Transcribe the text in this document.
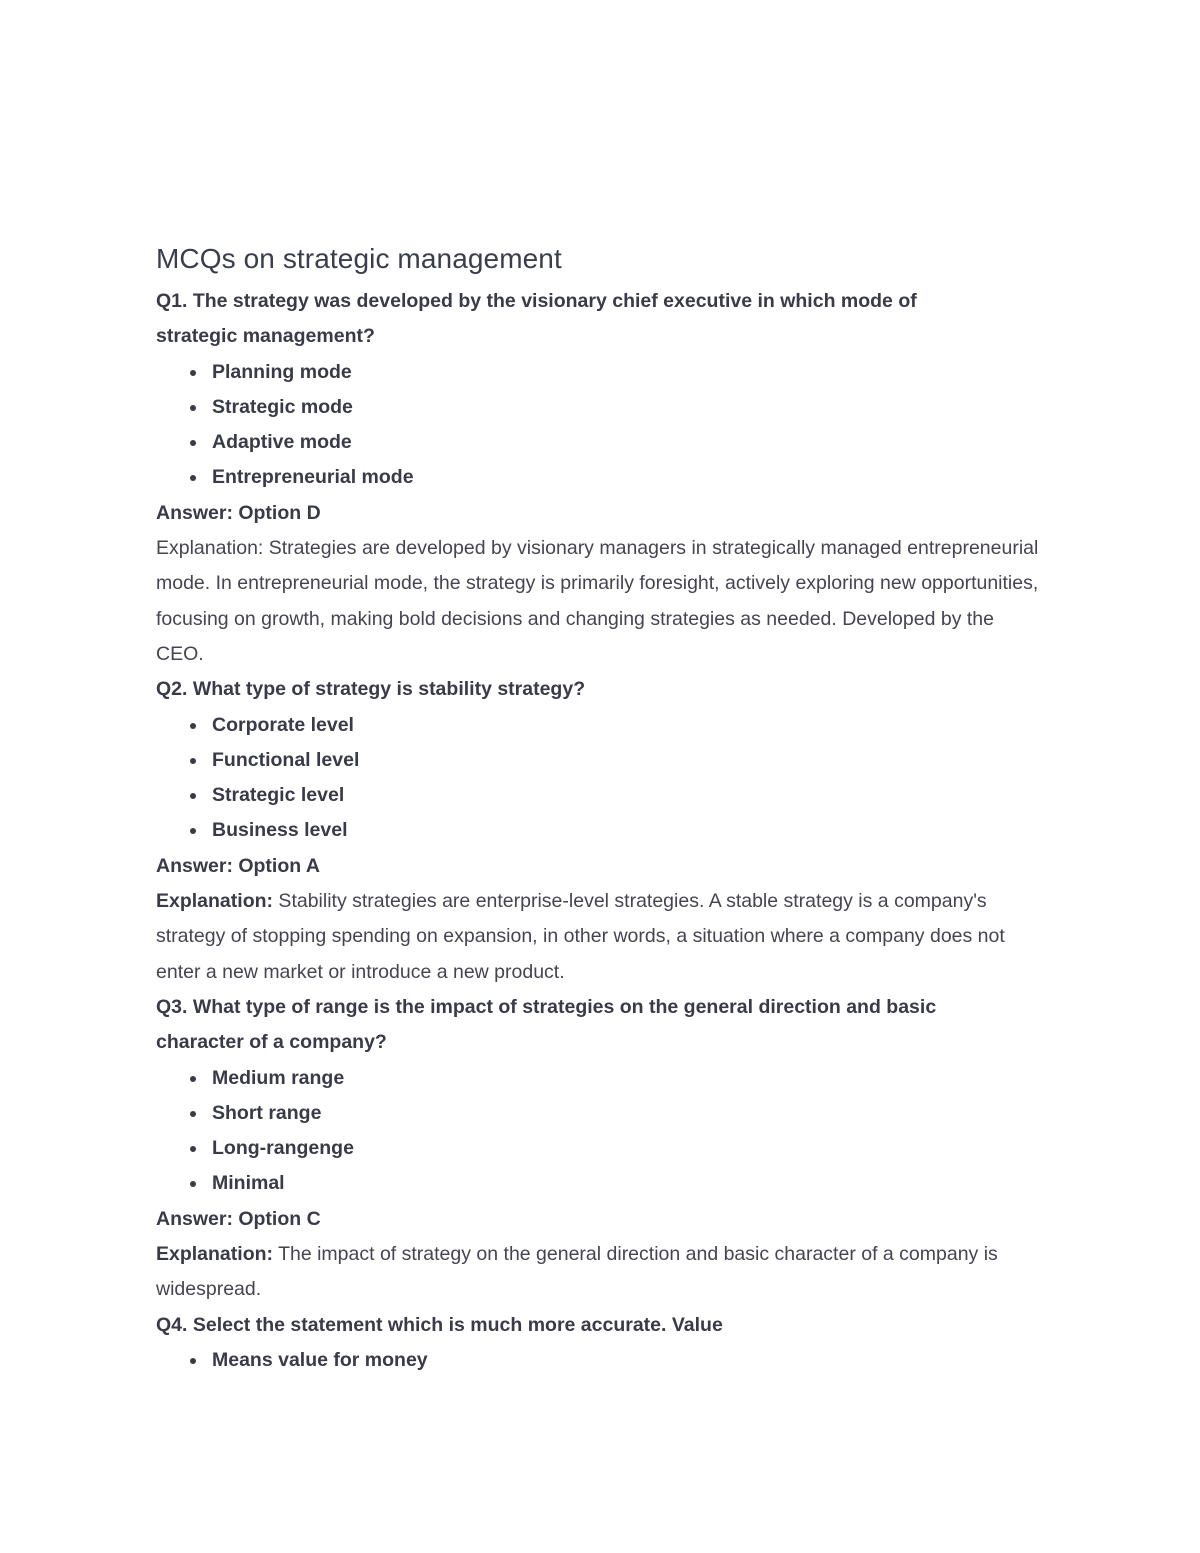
MCQs on strategic management

Q1. The strategy was developed by the visionary chief executive in which mode of strategic management?

Planning mode
Strategic mode
Adaptive mode
Entrepreneurial mode

Answer: Option D

Explanation: Strategies are developed by visionary managers in strategically managed entrepreneurial mode. In entrepreneurial mode, the strategy is primarily foresight, actively exploring new opportunities, focusing on growth, making bold decisions and changing strategies as needed. Developed by the CEO.

Q2. What type of strategy is stability strategy?

Corporate level
Functional level
Strategic level
Business level

Answer: Option A

Explanation: Stability strategies are enterprise-level strategies. A stable strategy is a company's strategy of stopping spending on expansion, in other words, a situation where a company does not enter a new market or introduce a new product.

Q3. What type of range is the impact of strategies on the general direction and basic character of a company?

Medium range
Short range
Long-rangenge
Minimal

Answer: Option C

Explanation: The impact of strategy on the general direction and basic character of a company is widespread.

Q4. Select the statement which is much more accurate. Value

Means value for money
